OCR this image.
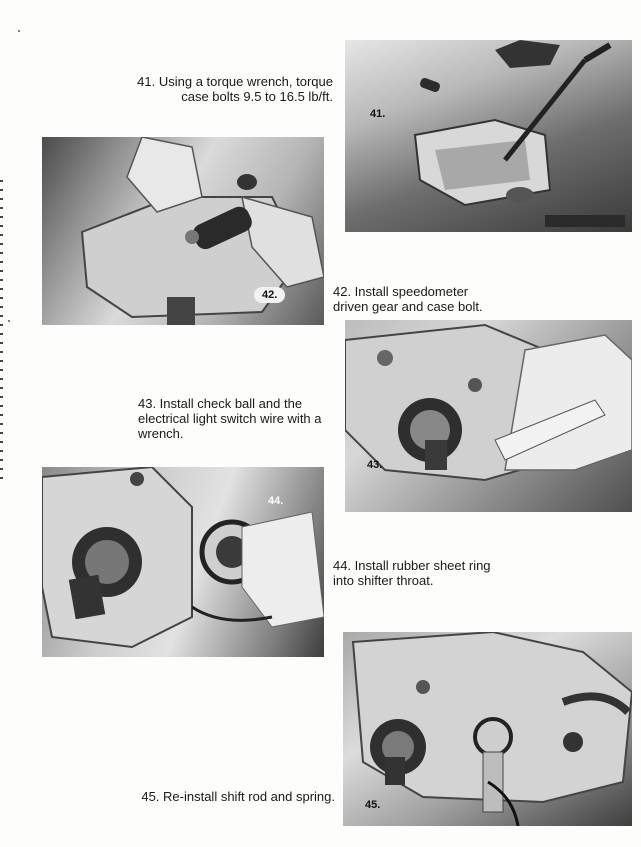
41. Using a torque wrench, torque
case bolts 9.5 to 16.5 lb/ft.

41.
42.	42. Install speedometer
driven gear and case bolt.

43.

43. Install check ball and the
electrical light switch wire with a
wrench.

44.

44. Install rubber sheet ring
into shifter throat.

45.

45. Re-install shift rod and spring.
